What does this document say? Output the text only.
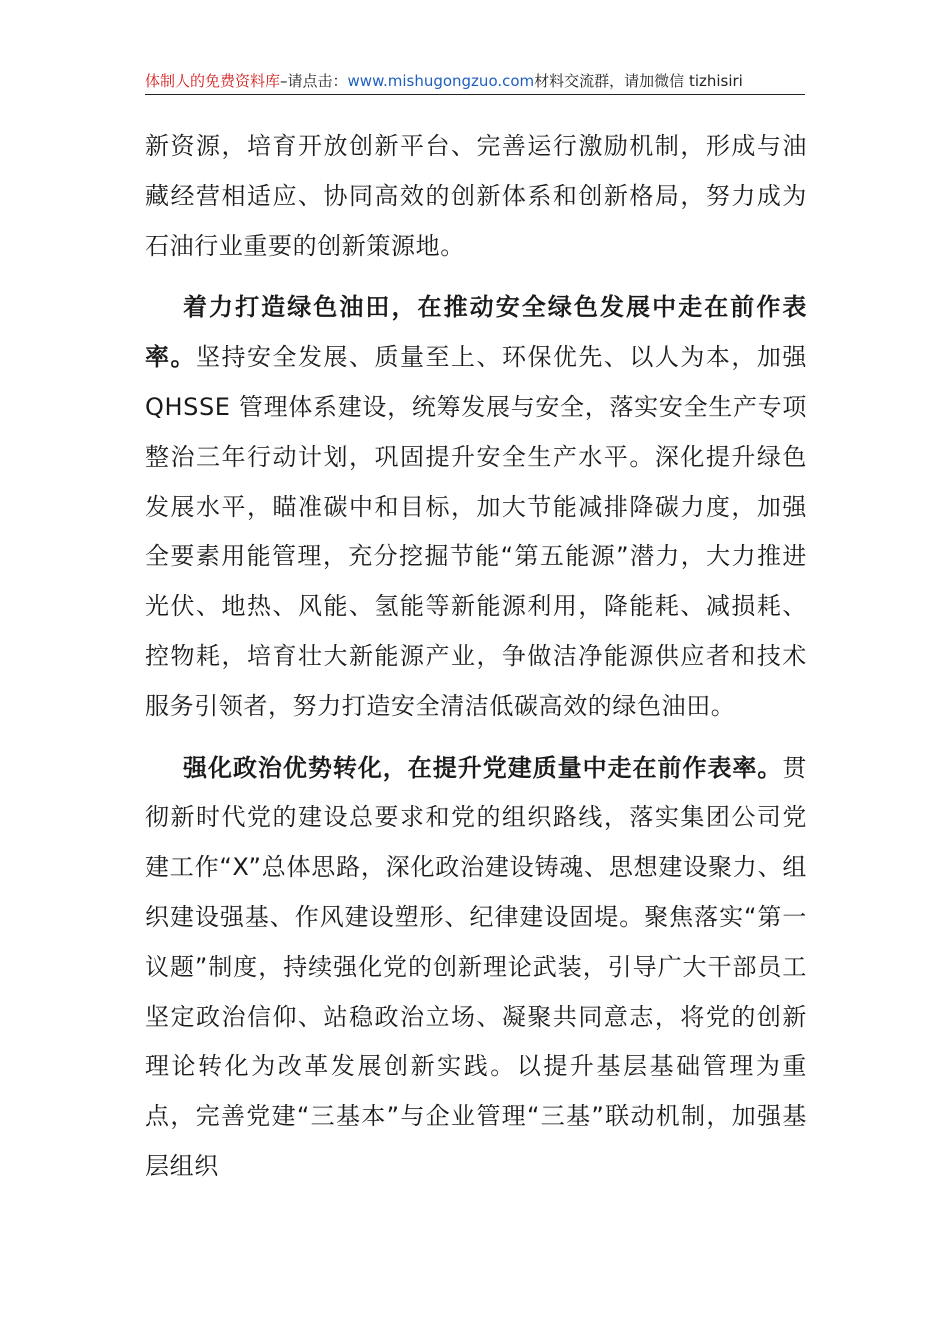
体制人的免费资料库–请点击：www.mishugongzuo.com材料交流群，请加微信 tizhisiri

新资源，培育开放创新平台、完善运行激励机制，形成与油藏经营相适应、协同高效的创新体系和创新格局，努力成为石油行业重要的创新策源地。

着力打造绿色油田，在推动安全绿色发展中走在前作表率。坚持安全发展、质量至上、环保优先、以人为本，加强 QHSSE 管理体系建设，统筹发展与安全，落实安全生产专项整治三年行动计划，巩固提升安全生产水平。深化提升绿色发展水平，瞄准碳中和目标，加大节能减排降碳力度，加强全要素用能管理，充分挖掘节能“第五能源”潜力，大力推进光伏、地热、风能、氢能等新能源利用，降能耗、减损耗、控物耗，培育壮大新能源产业，争做洁净能源供应者和技术服务引领者，努力打造安全清洁低碳高效的绿色油田。

强化政治优势转化，在提升党建质量中走在前作表率。贯彻新时代党的建设总要求和党的组织路线，落实集团公司党建工作“X”总体思路，深化政治建设铸魂、思想建设聚力、组织建设强基、作风建设塑形、纪律建设固堤。聚焦落实“第一议题”制度，持续强化党的创新理论武装，引导广大干部员工坚定政治信仰、站稳政治立场、凝聚共同意志，将党的创新理论转化为改革发展创新实践。以提升基层基础管理为重点，完善党建“三基本”与企业管理“三基”联动机制，加强基层组织
